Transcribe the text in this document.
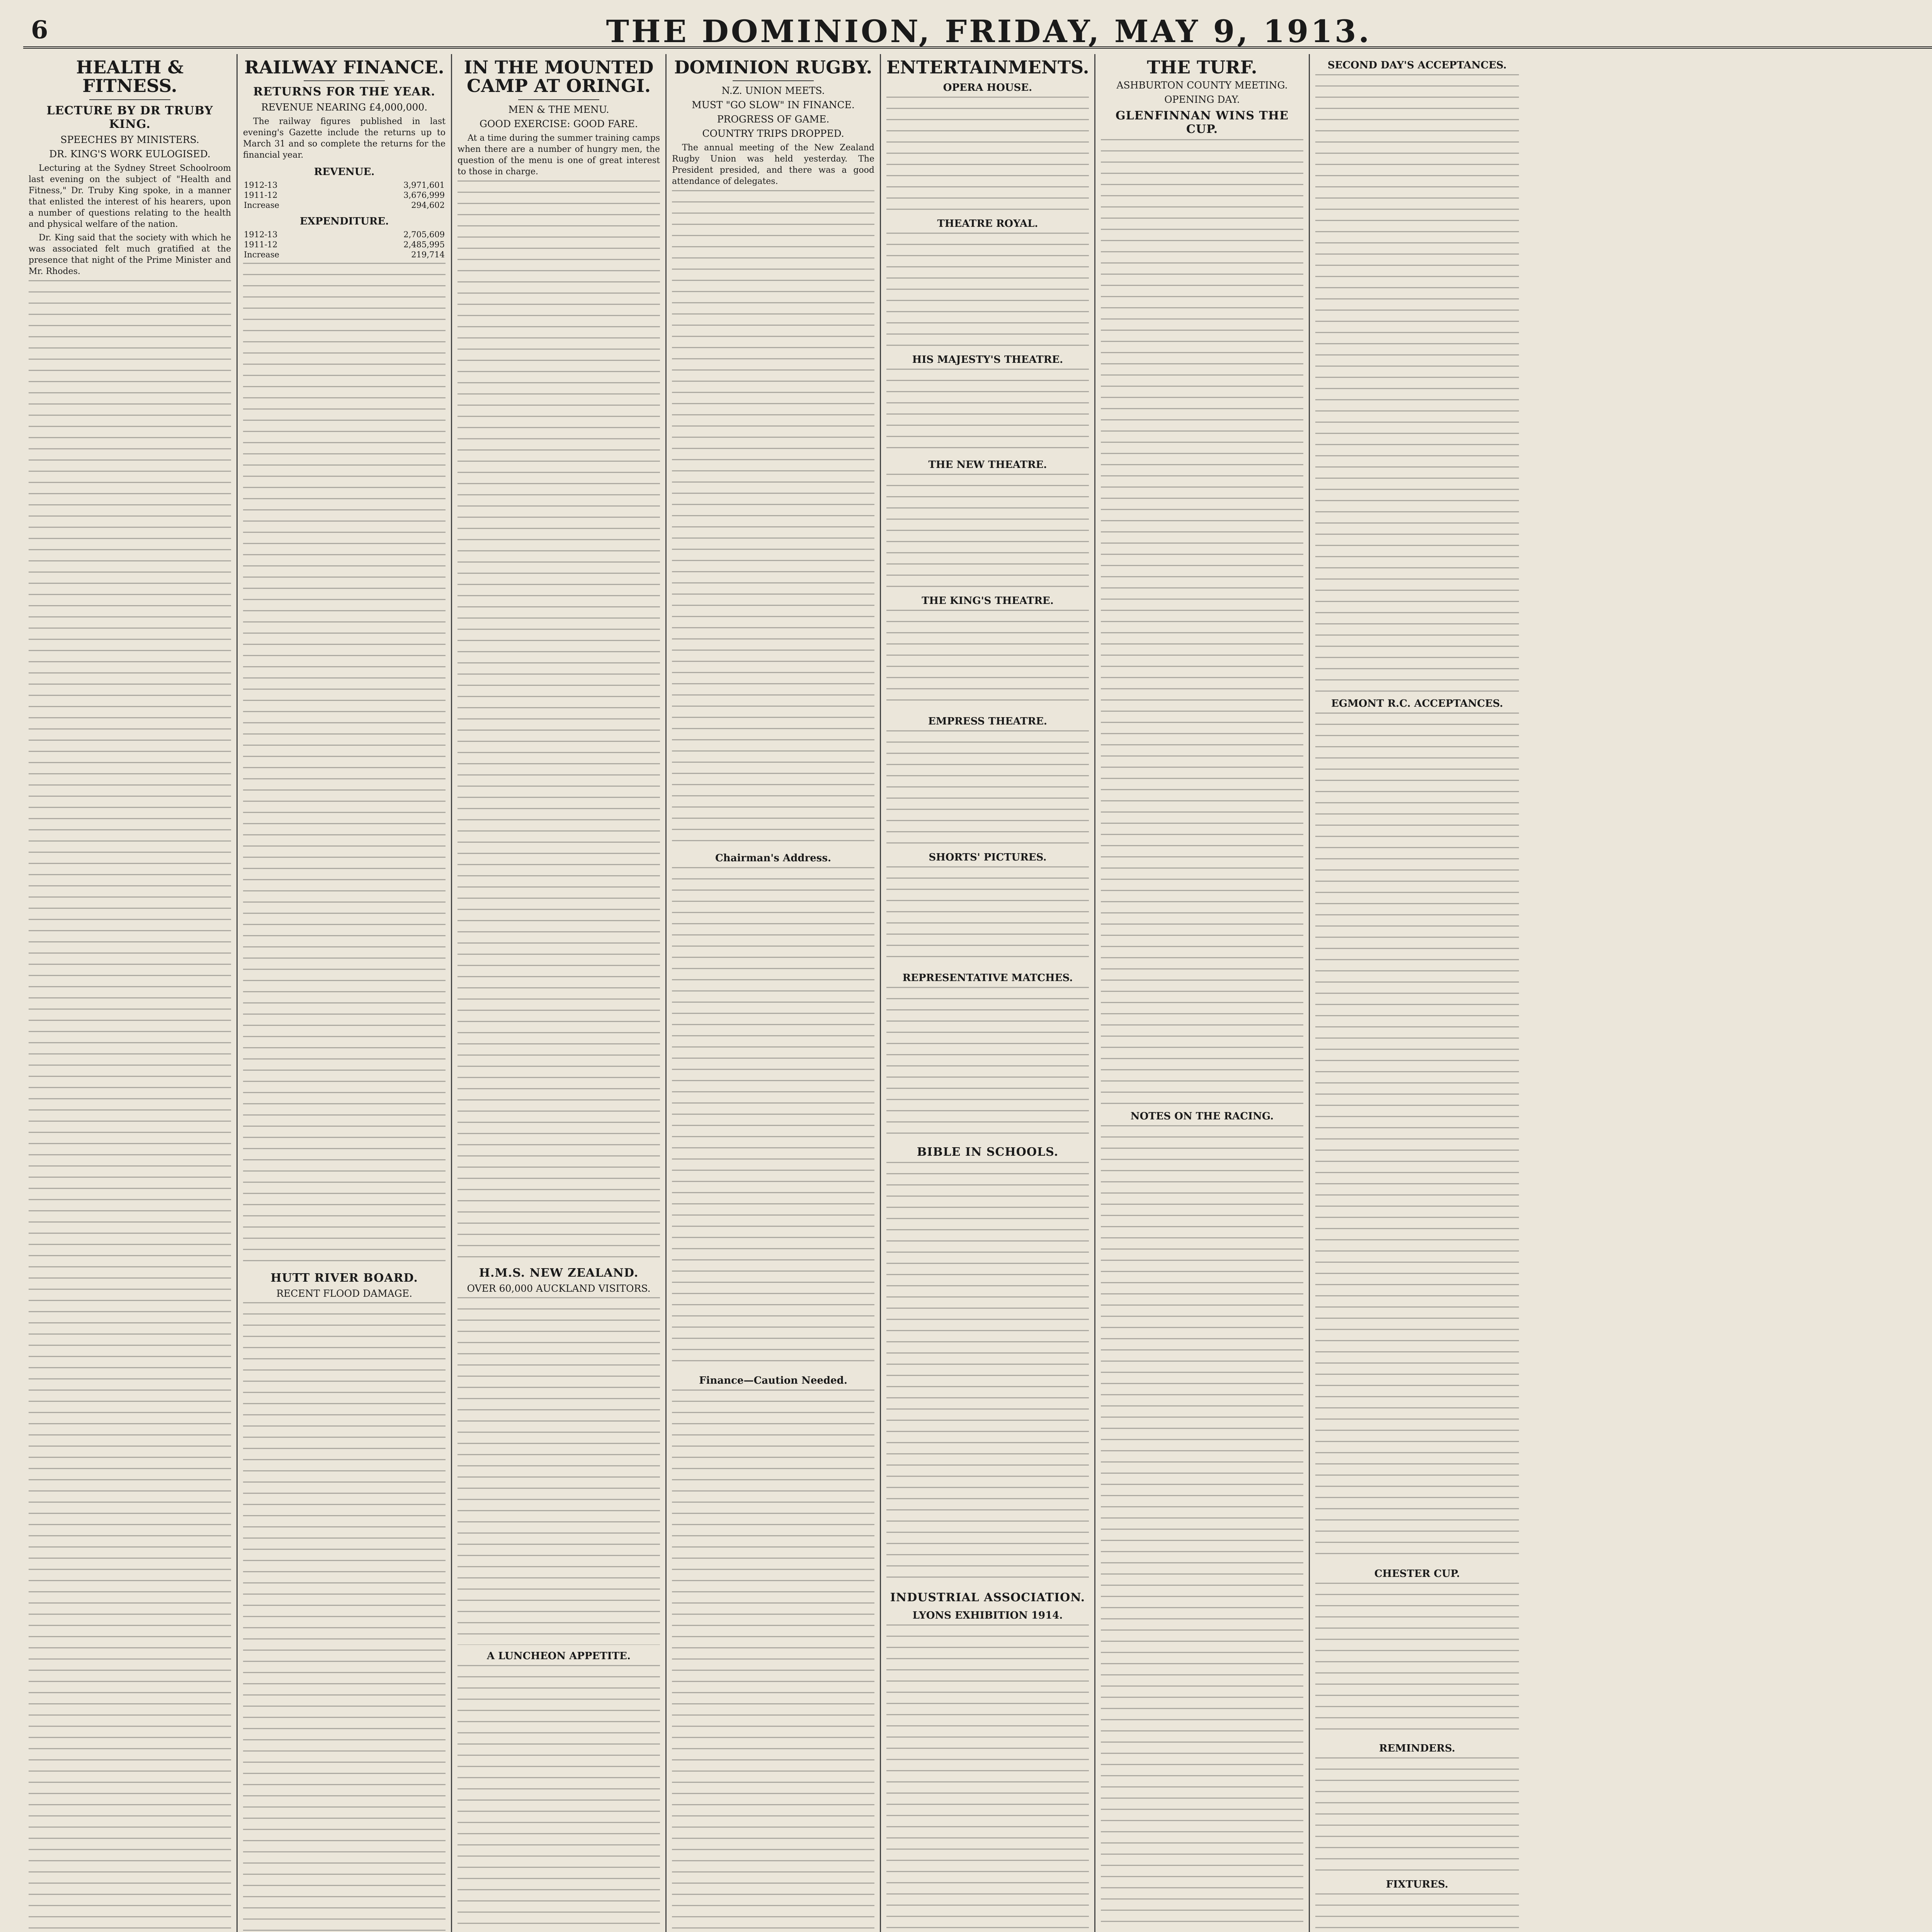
6	THE DOMINION, FRIDAY, MAY 9, 1913.
HEALTH & FITNESS.
LECTURE BY DR TRUBY KING.
SPEECHES BY MINISTERS.
DR. KING'S WORK EULOGISED.

Lecturing at the Sydney Street Schoolroom last evening on the subject of "Health and Fitness," Dr. Truby King spoke, in a manner that enlisted the interest of his hearers, upon a number of questions relating to the health and physical welfare of the nation.

Dr. King said that the society with which he was associated felt much gratified at the presence that night of the Prime Minister and Mr. Rhodes.

RAILWAY FINANCE.
RETURNS FOR THE YEAR.
REVENUE NEARING £4,000,000.

The railway figures published in last evening's Gazette include the returns up to March 31 and so complete the returns for the financial year.

REVENUE.
1912-13	3,971,601
1911-12	3,676,999
Increase	294,602
EXPENDITURE.
1912-13	2,705,609
1911-12	2,485,995
Increase	219,714
HUTT RIVER BOARD.
RECENT FLOOD DAMAGE.
IN THE MOUNTED CAMP AT ORINGI.
MEN & THE MENU.
GOOD EXERCISE: GOOD FARE.

At a time during the summer training camps when there are a number of hungry men, the question of the menu is one of great interest to those in charge.

H.M.S. NEW ZEALAND.
OVER 60,000 AUCKLAND VISITORS.
A LUNCHEON APPETITE.
DOMINION RUGBY.
N.Z. UNION MEETS.
MUST "GO SLOW" IN FINANCE.
PROGRESS OF GAME.
COUNTRY TRIPS DROPPED.

The annual meeting of the New Zealand Rugby Union was held yesterday. The President presided, and there was a good attendance of delegates.

Chairman's Address.
Finance—Caution Needed.
ENTERTAINMENTS.
OPERA HOUSE.
THEATRE ROYAL.
HIS MAJESTY'S THEATRE.
THE NEW THEATRE.
THE KING'S THEATRE.
EMPRESS THEATRE.
SHORTS' PICTURES.
REPRESENTATIVE MATCHES.
BIBLE IN SCHOOLS.
INDUSTRIAL ASSOCIATION.
LYONS EXHIBITION 1914.

THE TURF.
ASHBURTON COUNTY MEETING.
OPENING DAY.
GLENFINNAN WINS THE CUP.
NOTES ON THE RACING.
SECOND DAY'S ACCEPTANCES.
EGMONT R.C. ACCEPTANCES.
CHESTER CUP.
REMINDERS.
FIXTURES.
